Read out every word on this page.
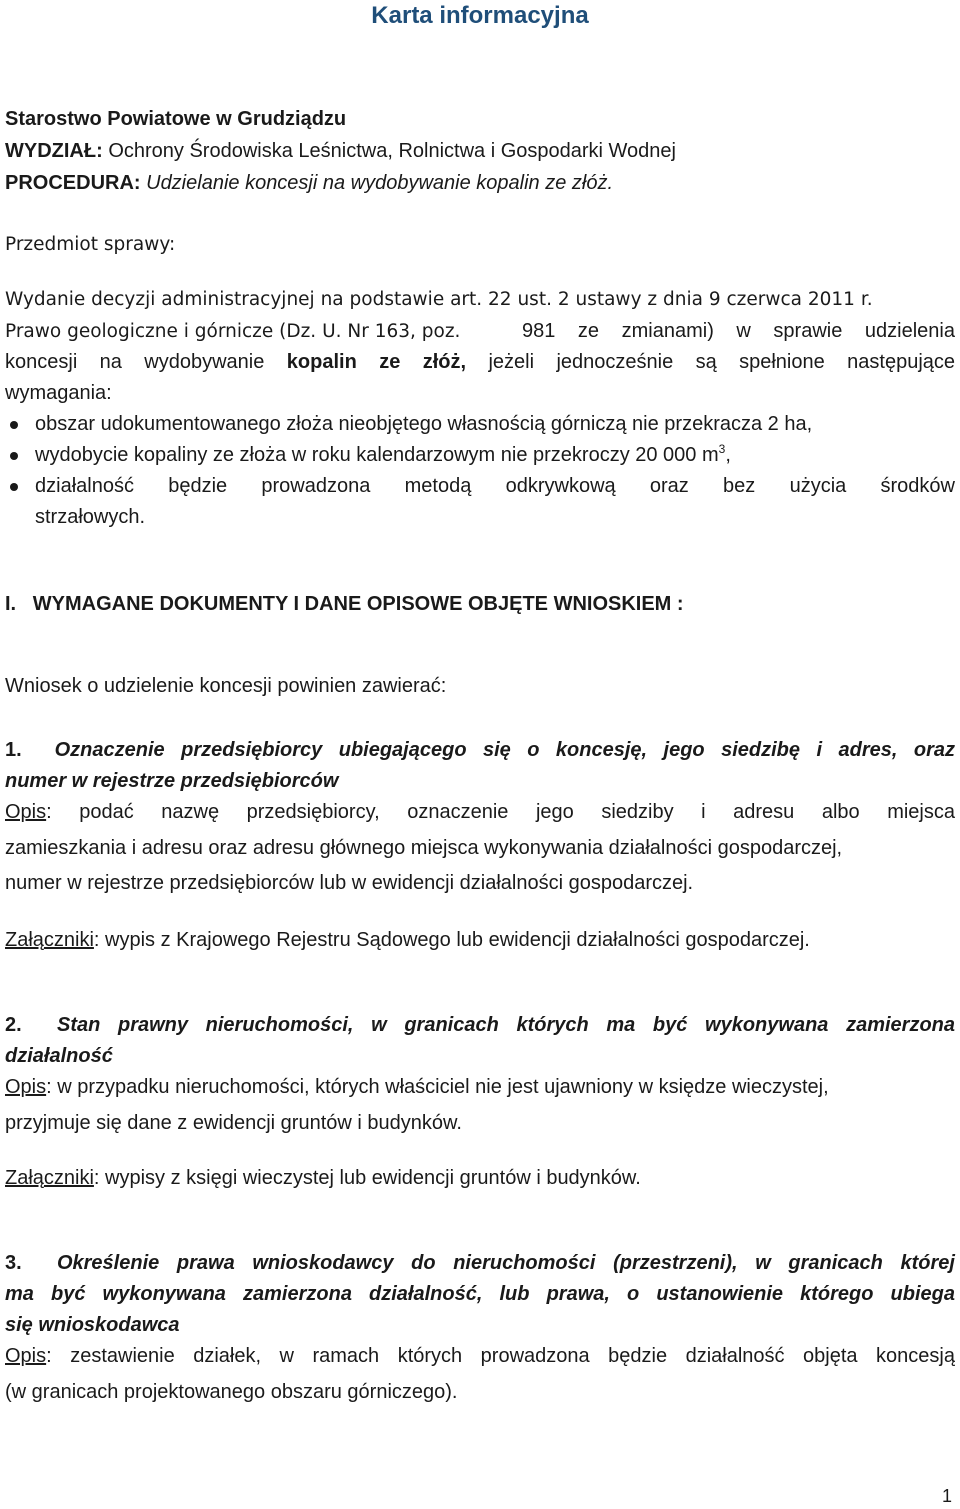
Karta informacyjna
Starostwo Powiatowe w Grudziądzu
WYDZIAŁ: Ochrony Środowiska Leśnictwa, Rolnictwa i Gospodarki Wodnej
PROCEDURA: Udzielanie koncesji na wydobywanie kopalin ze złóż.
Przedmiot sprawy:
Wydanie decyzji administracyjnej na podstawie art. 22 ust. 2 ustawy z dnia 9 czerwca 2011 r.
Prawo geologiczne i górnicze (Dz. U. Nr 163, poz.	981 ze zmianami) w sprawie udzielenia
koncesji na wydobywanie kopalin ze złóż, jeżeli jednocześnie są spełnione następujące
wymagania:
obszar udokumentowanego złoża nieobjętego własnością górniczą nie przekracza 2 ha,
wydobycie kopaliny ze złoża w roku kalendarzowym nie przekroczy 20 000 $m^3$,
działalność będzie prowadzona metodą odkrywkową oraz bez użycia środków
strzałowych.
I.   WYMAGANE DOKUMENTY I DANE OPISOWE OBJĘTE WNIOSKIEM :
Wniosek o udzielenie koncesji powinien zawierać:
1. Oznaczenie przedsiębiorcy ubiegającego się o koncesję, jego siedzibę i adres, oraz
numer w rejestrze przedsiębiorców
Opis: podać nazwę przedsiębiorcy, oznaczenie jego siedziby i adresu albo miejsca
zamieszkania i adresu oraz adresu głównego miejsca wykonywania działalności gospodarczej,
numer w rejestrze przedsiębiorców lub w ewidencji działalności gospodarczej.
Załączniki: wypis z Krajowego Rejestru Sądowego lub ewidencji działalności gospodarczej.
2. Stan prawny nieruchomości, w granicach których ma być wykonywana zamierzona
działalność
Opis: w przypadku nieruchomości, których właściciel nie jest ujawniony w księdze wieczystej,
przyjmuje się dane z ewidencji gruntów i budynków.
Załączniki: wypisy z księgi wieczystej lub ewidencji gruntów i budynków.
3. Określenie prawa wnioskodawcy do nieruchomości (przestrzeni), w granicach której
ma być wykonywana zamierzona działalność, lub prawa, o ustanowienie którego ubiega
się wnioskodawca
Opis: zestawienie działek, w ramach których prowadzona będzie działalność objęta koncesją
(w granicach projektowanego obszaru górniczego).
1
